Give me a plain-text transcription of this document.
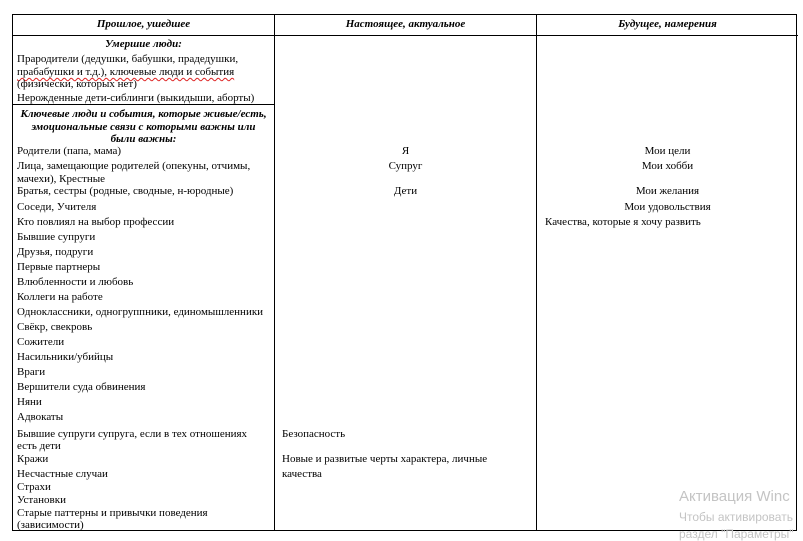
Прошлое, ушедшее	Настоящее, актуальное	Будущее, намерения
Умершие люди:
Прародители (дедушки, бабушки, прадедушки,
прабабушки и т.д.), ключевые люди и события
(физически, которых нет)
Нерожденные дети-сиблинги (выкидыши, аборты)
Ключевые люди и события, которые живые/есть,
эмоциональные связи с которыми важны или
были важны:
Родители (папа, мама)
Лица, замещающие родителей (опекуны, отчимы,
мачехи), Крестные
Братья, сестры (родные, сводные, н-юродные)
Соседи, Учителя
Кто повлиял на выбор профессии
Бывшие супруги
Друзья, подруги
Первые партнеры
Влюбленности и любовь
Коллеги на работе
Одноклассники, одногруппники, единомышленники
Свёкр, свекровь
Сожители
Насильники/убийцы
Враги
Вершители суда обвинения
Няни
Адвокаты
Бывшие супруги супруга, если в тех отношениях
есть дети
Кражи
Несчастные случаи
Страхи
Установки
Старые паттерны и привычки поведения
(зависимости)
Я
Супруг
Дети
Безопасность
Новые и развитые черты характера, личные
качества
Мои цели
Мои хобби
Мои желания
Мои удовольствия
Качества, которые я хочу развить
Активация Winc
Чтобы активировать
раздел "Параметры"
